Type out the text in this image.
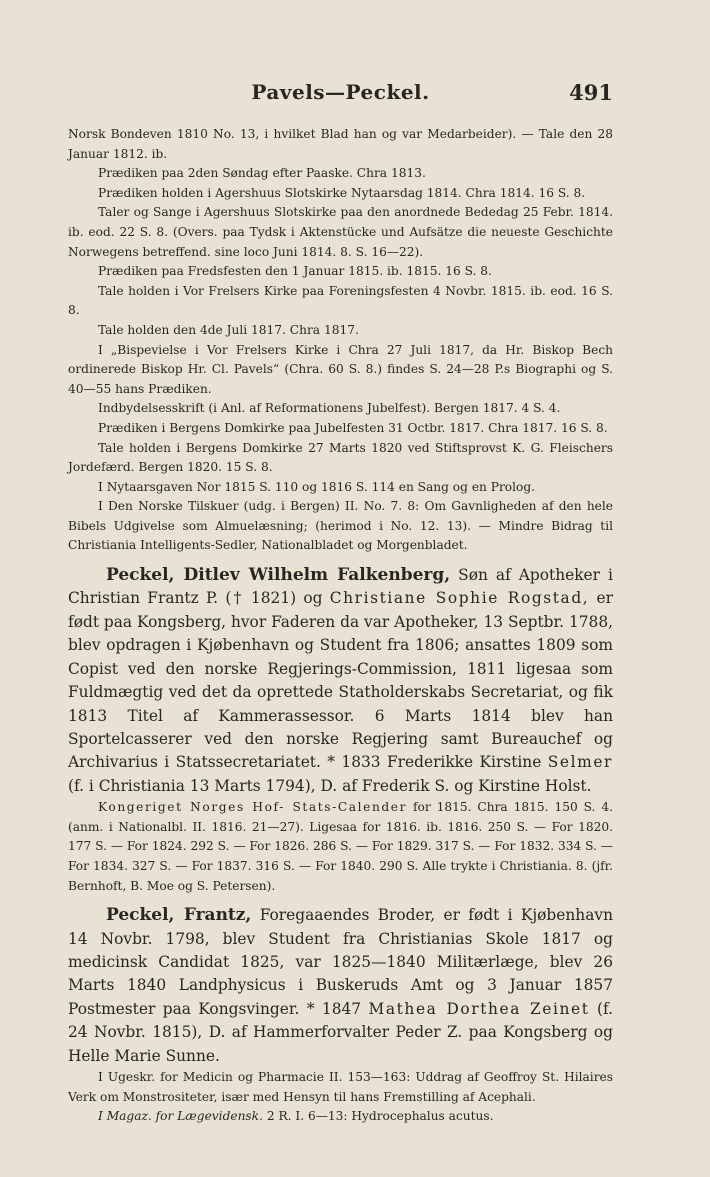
Pavels—Peckel.	491

Norsk Bondeven 1810 No. 13, i hvilket Blad han og var Medarbeider). — Tale den 28 Januar 1812. ib.

Prædiken paa 2den Søndag efter Paaske. Chra 1813.

Prædiken holden i Agershuus Slotskirke Nytaarsdag 1814. Chra 1814. 16 S. 8.

Taler og Sange i Agershuus Slotskirke paa den anordnede Bededag 25 Febr. 1814. ib. eod. 22 S. 8. (Overs. paa Tydsk i Aktenstücke und Aufsätze die neueste Geschichte Norwegens betreffend. sine loco Juni 1814. 8. S. 16—22).

Prædiken paa Fredsfesten den 1 Januar 1815. ib. 1815. 16 S. 8.

Tale holden i Vor Frelsers Kirke paa Foreningsfesten 4 Novbr. 1815. ib. eod. 16 S. 8.

Tale holden den 4de Juli 1817. Chra 1817.

I „Bispevielse i Vor Frelsers Kirke i Chra 27 Juli 1817, da Hr. Biskop Bech ordinerede Biskop Hr. Cl. Pavels“ (Chra. 60 S. 8.) findes S. 24—28 P.s Biographi og S. 40—55 hans Prædiken.

Indbydelsesskrift (i Anl. af Reformationens Jubelfest). Bergen 1817. 4 S. 4.

Prædiken i Bergens Domkirke paa Jubelfesten 31 Octbr. 1817. Chra 1817. 16 S. 8.

Tale holden i Bergens Domkirke 27 Marts 1820 ved Stiftsprovst K. G. Fleischers Jordefærd. Bergen 1820. 15 S. 8.

I Nytaarsgaven Nor 1815 S. 110 og 1816 S. 114 en Sang og en Prolog.

I Den Norske Tilskuer (udg. i Bergen) II. No. 7. 8: Om Gavnligheden af den hele Bibels Udgivelse som Almuelæsning; (herimod i No. 12. 13). — Mindre Bidrag til Christiania Intelligents-Sedler, Nationalbladet og Morgenbladet.

Peckel, Ditlev Wilhelm Falkenberg, Søn af Apotheker i Christian Frantz P. († 1821) og Christiane Sophie Rogstad, er født paa Kongsberg, hvor Faderen da var Apotheker, 13 Septbr. 1788, blev opdragen i Kjøbenhavn og Student fra 1806; ansattes 1809 som Copist ved den norske Regjerings-Commission, 1811 ligesaa som Fuldmægtig ved det da oprettede Statholderskabs Secretariat, og fik 1813 Titel af Kammerassessor. 6 Marts 1814 blev han Sportelcasserer ved den norske Regjering samt Bureauchef og Archivarius i Statssecretariatet. * 1833 Frederikke Kirstine Selmer (f. i Christiania 13 Marts 1794), D. af Frederik S. og Kirstine Holst.

Kongeriget Norges Hof- Stats-Calender for 1815. Chra 1815. 150 S. 4. (anm. i Nationalbl. II. 1816. 21—27). Ligesaa for 1816. ib. 1816. 250 S. — For 1820. 177 S. — For 1824. 292 S. — For 1826. 286 S. — For 1829. 317 S. — For 1832. 334 S. — For 1834. 327 S. — For 1837. 316 S. — For 1840. 290 S. Alle trykte i Christiania. 8. (jfr. Bernhoft, B. Moe og S. Petersen).

Peckel, Frantz, Foregaaendes Broder, er født i Kjøbenhavn 14 Novbr. 1798, blev Student fra Christianias Skole 1817 og medicinsk Candidat 1825, var 1825—1840 Militærlæge, blev 26 Marts 1840 Landphysicus i Buskeruds Amt og 3 Januar 1857 Postmester paa Kongsvinger. * 1847 Mathea Dorthea Zeinet (f. 24 Novbr. 1815), D. af Hammerforvalter Peder Z. paa Kongsberg og Helle Marie Sunne.

I Ugeskr. for Medicin og Pharmacie II. 153—163: Uddrag af Geoffroy St. Hilaires Verk om Monstrositeter, især med Hensyn til hans Fremstilling af Acephali.

I Magaz. for Lægevidensk. 2 R. I. 6—13: Hydrocephalus acutus.
